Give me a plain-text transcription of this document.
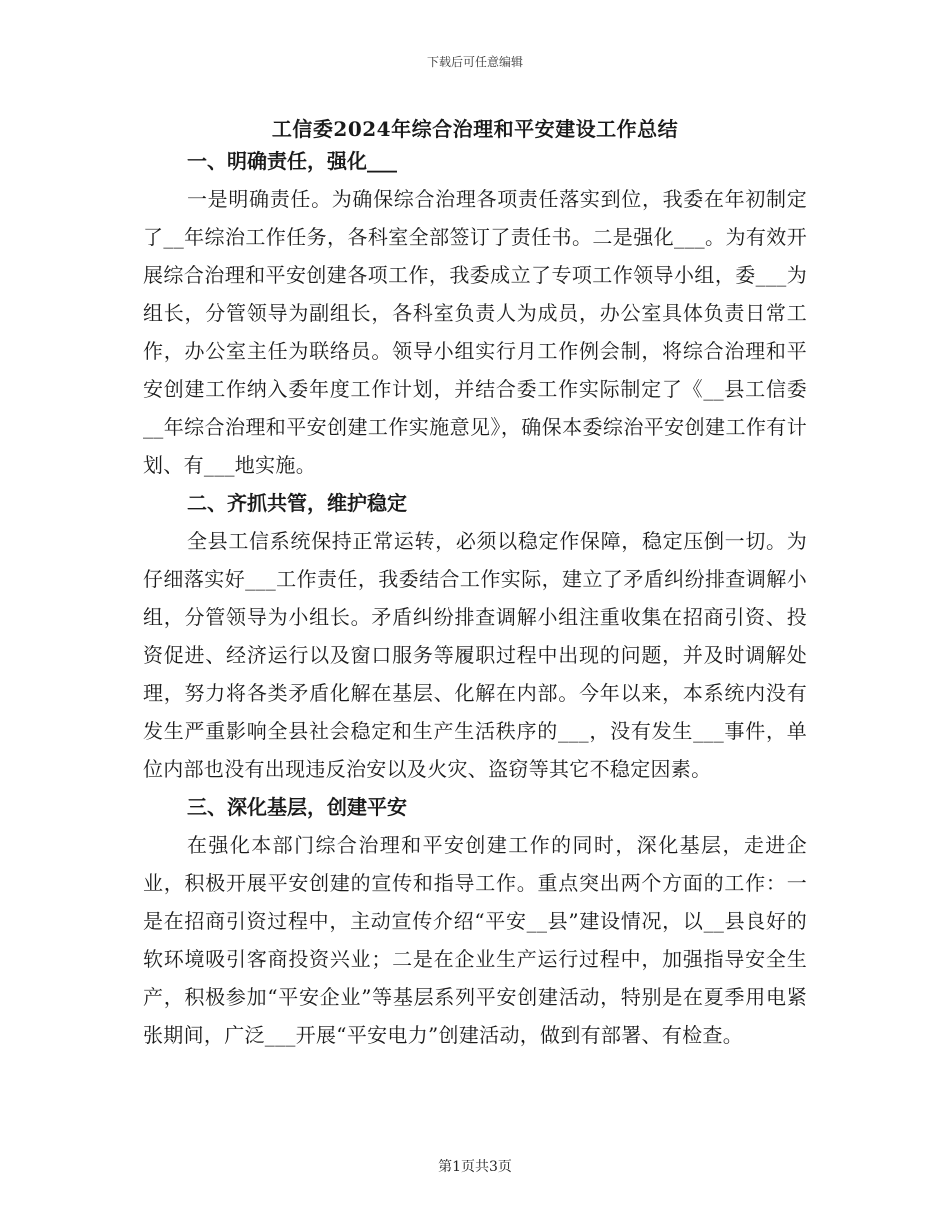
下载后可任意编辑
工信委2024年综合治理和平安建设工作总结

一、明确责任，强化___

一是明确责任。为确保综合治理各项责任落实到位，我委在年初制定了__年综治工作任务，各科室全部签订了责任书。二是强化___。为有效开展综合治理和平安创建各项工作，我委成立了专项工作领导小组，委___为组长，分管领导为副组长，各科室负责人为成员，办公室具体负责日常工作，办公室主任为联络员。领导小组实行月工作例会制，将综合治理和平安创建工作纳入委年度工作计划，并结合委工作实际制定了《__县工信委__年综合治理和平安创建工作实施意见》，确保本委综治平安创建工作有计划、有___地实施。

二、齐抓共管，维护稳定

全县工信系统保持正常运转，必须以稳定作保障，稳定压倒一切。为仔细落实好___工作责任，我委结合工作实际，建立了矛盾纠纷排查调解小组，分管领导为小组长。矛盾纠纷排查调解小组注重收集在招商引资、投资促进、经济运行以及窗口服务等履职过程中出现的问题，并及时调解处理，努力将各类矛盾化解在基层、化解在内部。今年以来，本系统内没有发生严重影响全县社会稳定和生产生活秩序的___，没有发生___事件，单位内部也没有出现违反治安以及火灾、盗窃等其它不稳定因素。

三、深化基层，创建平安

在强化本部门综合治理和平安创建工作的同时，深化基层，走进企业，积极开展平安创建的宣传和指导工作。重点突出两个方面的工作：一是在招商引资过程中，主动宣传介绍“平安__县”建设情况，以__县良好的软环境吸引客商投资兴业；二是在企业生产运行过程中，加强指导安全生产，积极参加“平安企业”等基层系列平安创建活动，特别是在夏季用电紧张期间，广泛___开展“平安电力”创建活动，做到有部署、有检查。

第1页共3页
